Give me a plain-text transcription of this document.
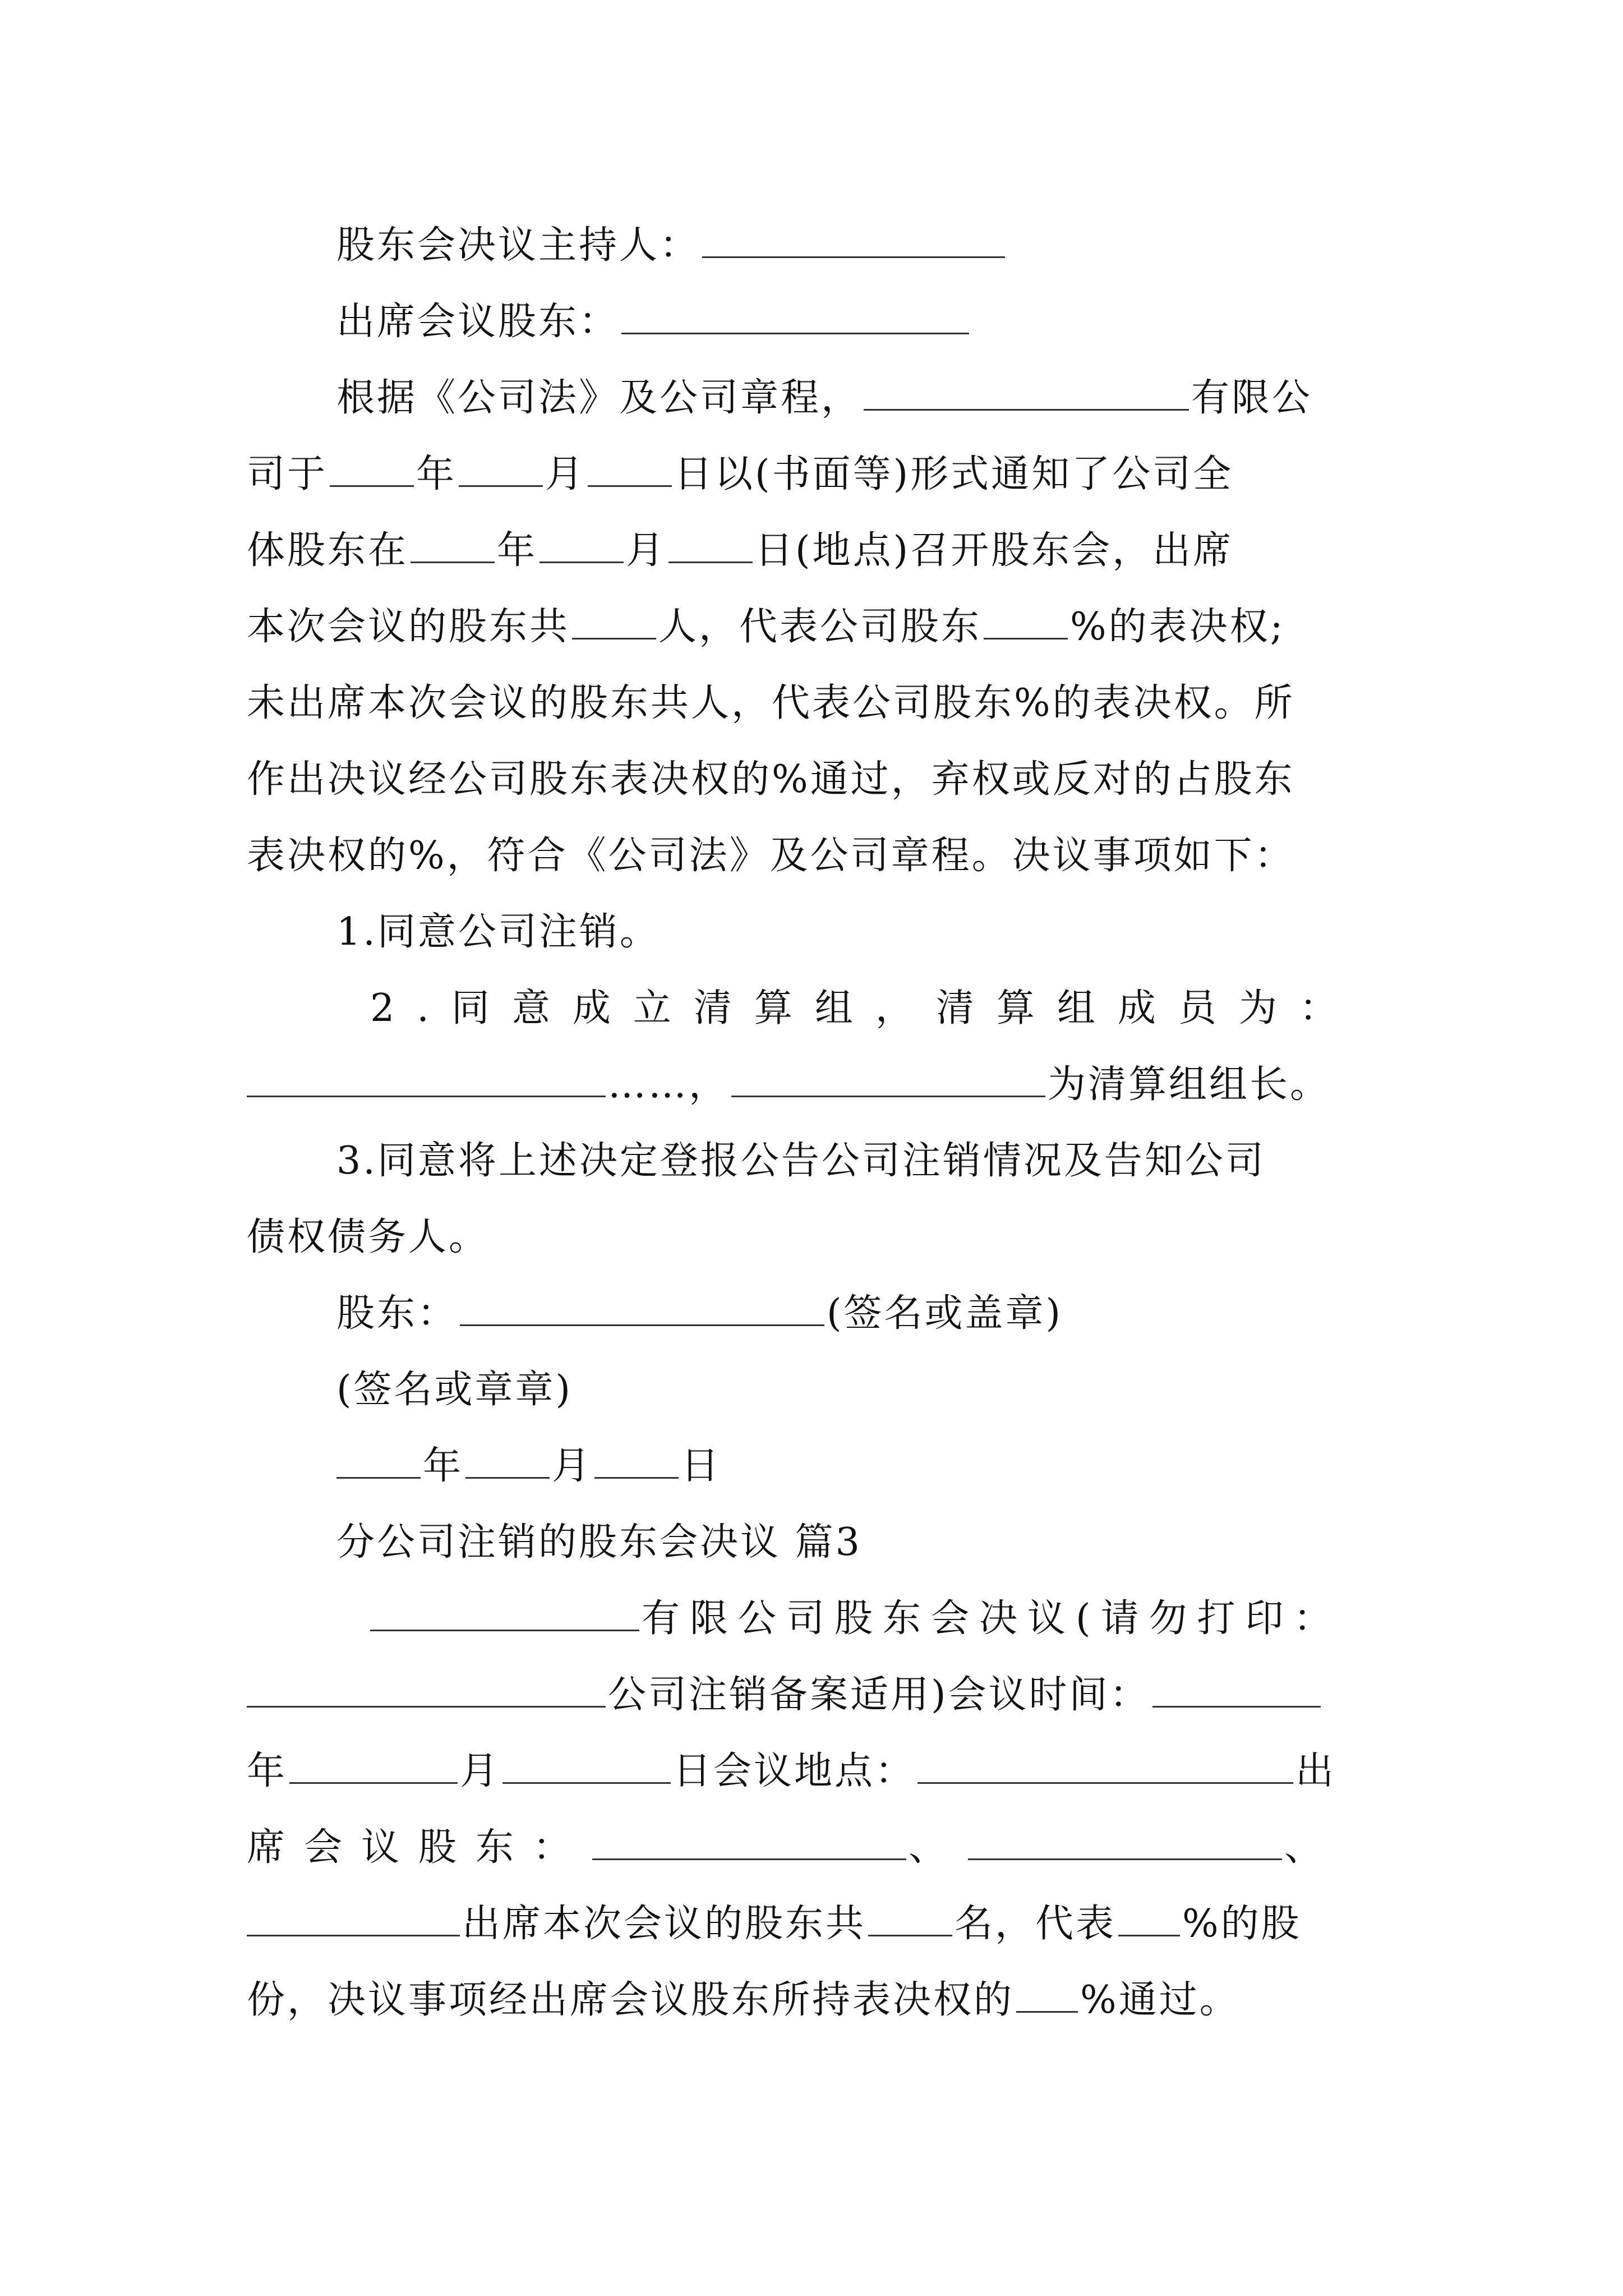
股东会决议主持人：
出席会议股东：
根据《公司法》及公司章程，	有限公
司于 年 月 日以(书面等)形式通知了公司全
体股东在 年 月 日(地点)召开股东会，出席
本次会议的股东共 人，代表公司股东 %的表决权;
未出席本次会议的股东共人，代表公司股东%的表决权。所
作出决议经公司股东表决权的%通过，弃权或反对的占股东
表决权的%，符合《公司法》及公司章程。决议事项如下：
1.同意公司注销。
2.同意成立清算组，清算组成员为：
……，	为清算组组长。
3.同意将上述决定登报公告公司注销情况及告知公司
债权债务人。
股东：	(签名或盖章)
(签名或章章)
年 月 日
分公司注销的股东会决议 篇3
有限公司股东会决议(请勿打印：
公司注销备案适用)会议时间：
年	月	日会议地点：	出
席会议股东：	、	、
出席本次会议的股东共 名，代表 %的股
份，决议事项经出席会议股东所持表决权的 %通过。
